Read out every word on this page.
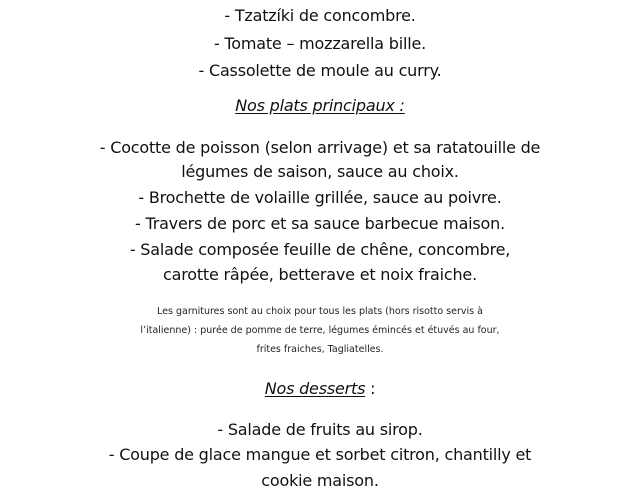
- Tzatzíki de concombre.
- Tomate – mozzarella bille.
- Cassolette de moule au curry.
Nos plats principaux :
- Cocotte de poisson (selon arrivage) et sa ratatouille de
légumes de saison, sauce au choix.
- Brochette de volaille grillée, sauce au poivre.
- Travers de porc et sa sauce barbecue maison.
- Salade composée feuille de chêne, concombre,
carotte râpée, betterave et noix fraiche.
Les garnitures sont au choix pour tous les plats (hors risotto servis à
l’italienne) : purée de pomme de terre, légumes émincés et étuvés au four,
frites fraiches, Tagliatelles.
Nos desserts :
- Salade de fruits au sirop.
- Coupe de glace mangue et sorbet citron, chantilly et
cookie maison.
